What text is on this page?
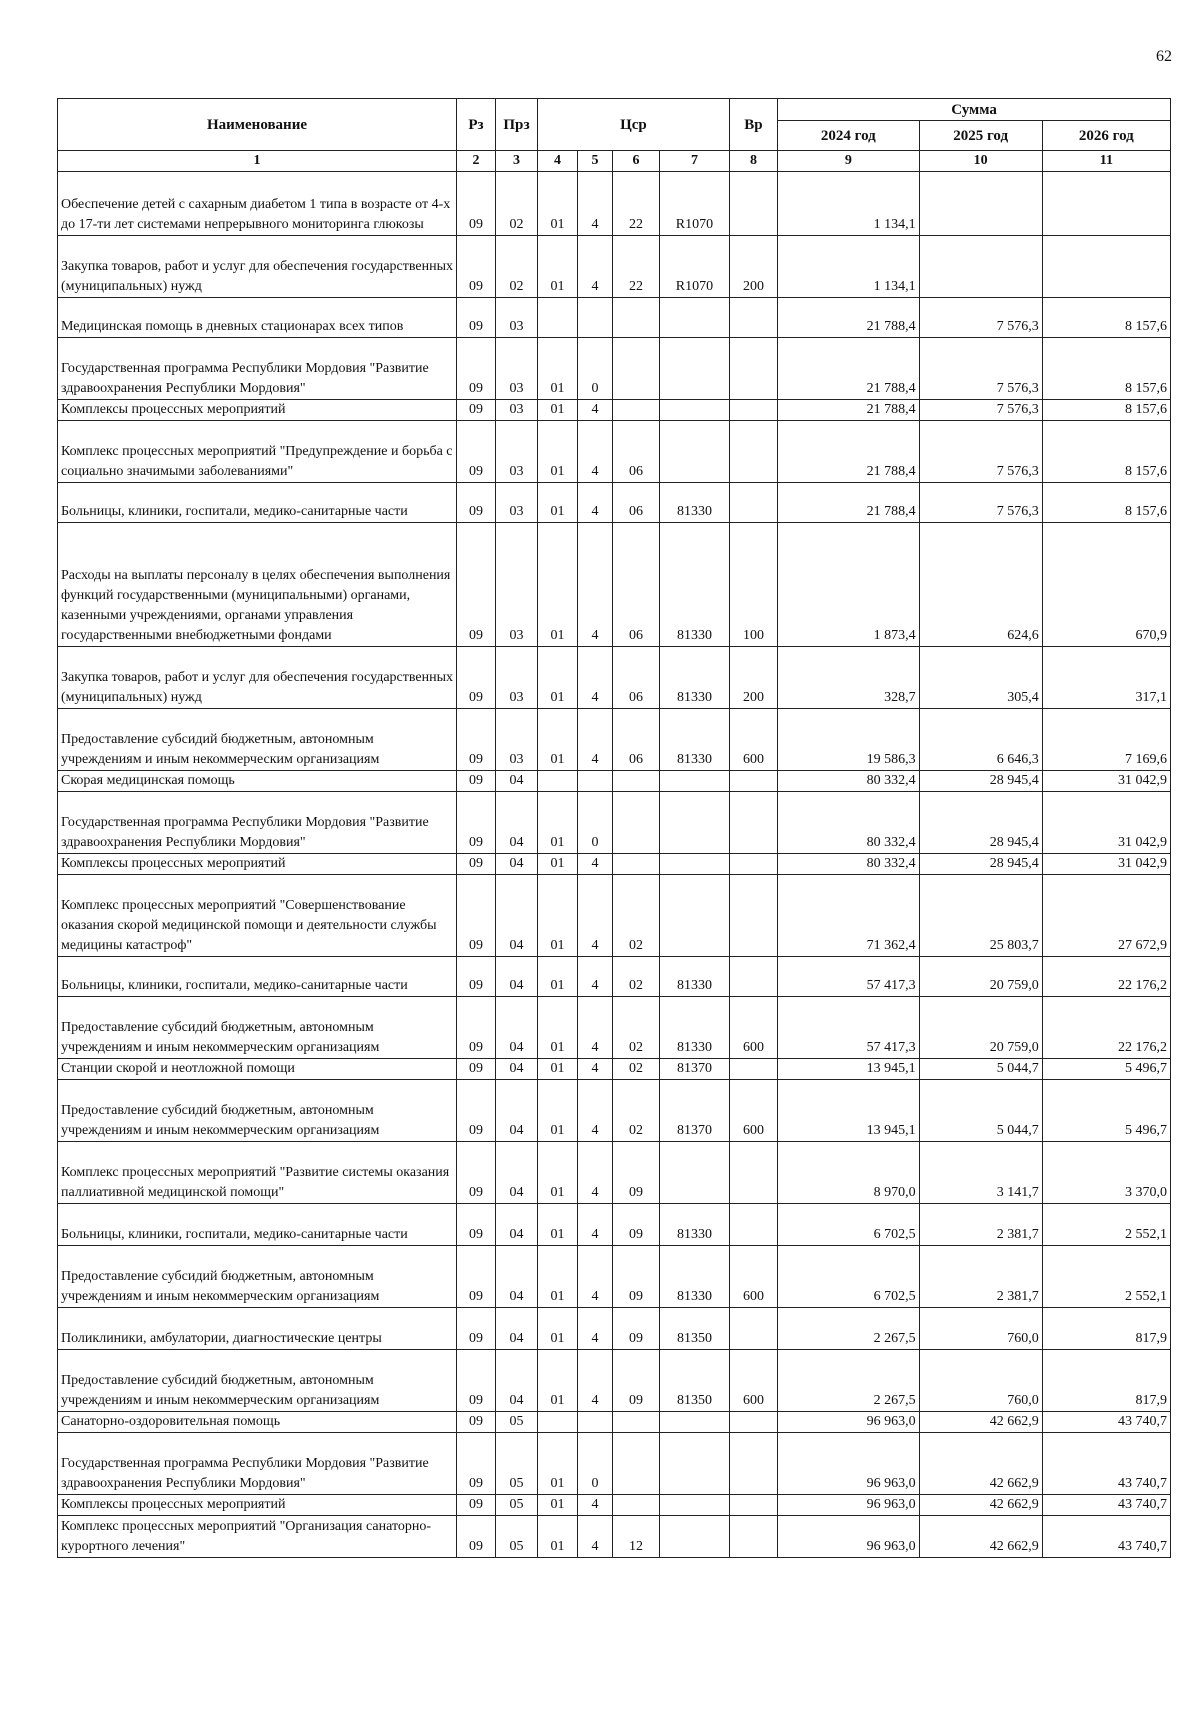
62
Наименование	Рз	Прз	Цср				Вр	Сумма		
								2024 год	2025 год	2026 год
1	2	3	4	5	6	7	8	9	10	11
Обеспечение детей с сахарным диабетом 1 типа в возрасте от 4-х до 17-ти лет системами непрерывного мониторинга глюкозы	09	02	01	4	22	R1070		1 134,1		
Закупка товаров, работ и услуг для обеспечения государственных (муниципальных) нужд	09	02	01	4	22	R1070	200	1 134,1		
Медицинская помощь в дневных стационарах всех типов	09	03						21 788,4	7 576,3	8 157,6
Государственная программа Республики Мордовия "Развитие здравоохранения Республики Мордовия"	09	03	01	0				21 788,4	7 576,3	8 157,6
Комплексы процессных мероприятий	09	03	01	4				21 788,4	7 576,3	8 157,6
Комплекс процессных мероприятий "Предупреждение и борьба с социально значимыми заболеваниями"	09	03	01	4	06			21 788,4	7 576,3	8 157,6
Больницы, клиники, госпитали, медико-санитарные части	09	03	01	4	06	81330		21 788,4	7 576,3	8 157,6
Расходы на выплаты персоналу в целях обеспечения выполнения функций государственными (муниципальными) органами, казенными учреждениями, органами управления государственными внебюджетными фондами	09	03	01	4	06	81330	100	1 873,4	624,6	670,9
Закупка товаров, работ и услуг для обеспечения государственных (муниципальных) нужд	09	03	01	4	06	81330	200	328,7	305,4	317,1
Предоставление субсидий бюджетным, автономным учреждениям и иным некоммерческим организациям	09	03	01	4	06	81330	600	19 586,3	6 646,3	7 169,6
Скорая медицинская помощь	09	04						80 332,4	28 945,4	31 042,9
Государственная программа Республики Мордовия "Развитие здравоохранения Республики Мордовия"	09	04	01	0				80 332,4	28 945,4	31 042,9
Комплексы процессных мероприятий	09	04	01	4				80 332,4	28 945,4	31 042,9
Комплекс процессных мероприятий "Совершенствование оказания скорой медицинской помощи и деятельности службы медицины катастроф"	09	04	01	4	02			71 362,4	25 803,7	27 672,9
Больницы, клиники, госпитали, медико-санитарные части	09	04	01	4	02	81330		57 417,3	20 759,0	22 176,2
Предоставление субсидий бюджетным, автономным учреждениям и иным некоммерческим организациям	09	04	01	4	02	81330	600	57 417,3	20 759,0	22 176,2
Станции скорой и неотложной помощи	09	04	01	4	02	81370		13 945,1	5 044,7	5 496,7
Предоставление субсидий бюджетным, автономным учреждениям и иным некоммерческим организациям	09	04	01	4	02	81370	600	13 945,1	5 044,7	5 496,7
Комплекс процессных мероприятий "Развитие системы оказания паллиативной медицинской помощи"	09	04	01	4	09			8 970,0	3 141,7	3 370,0
Больницы, клиники, госпитали, медико-санитарные части	09	04	01	4	09	81330		6 702,5	2 381,7	2 552,1
Предоставление субсидий бюджетным, автономным учреждениям и иным некоммерческим организациям	09	04	01	4	09	81330	600	6 702,5	2 381,7	2 552,1
Поликлиники, амбулатории, диагностические центры	09	04	01	4	09	81350		2 267,5	760,0	817,9
Предоставление субсидий бюджетным, автономным учреждениям и иным некоммерческим организациям	09	04	01	4	09	81350	600	2 267,5	760,0	817,9
Санаторно-оздоровительная помощь	09	05						96 963,0	42 662,9	43 740,7
Государственная программа Республики Мордовия "Развитие здравоохранения Республики Мордовия"	09	05	01	0				96 963,0	42 662,9	43 740,7
Комплексы процессных мероприятий	09	05	01	4				96 963,0	42 662,9	43 740,7
Комплекс процессных мероприятий "Организация санаторно-курортного лечения"	09	05	01	4	12			96 963,0	42 662,9	43 740,7
